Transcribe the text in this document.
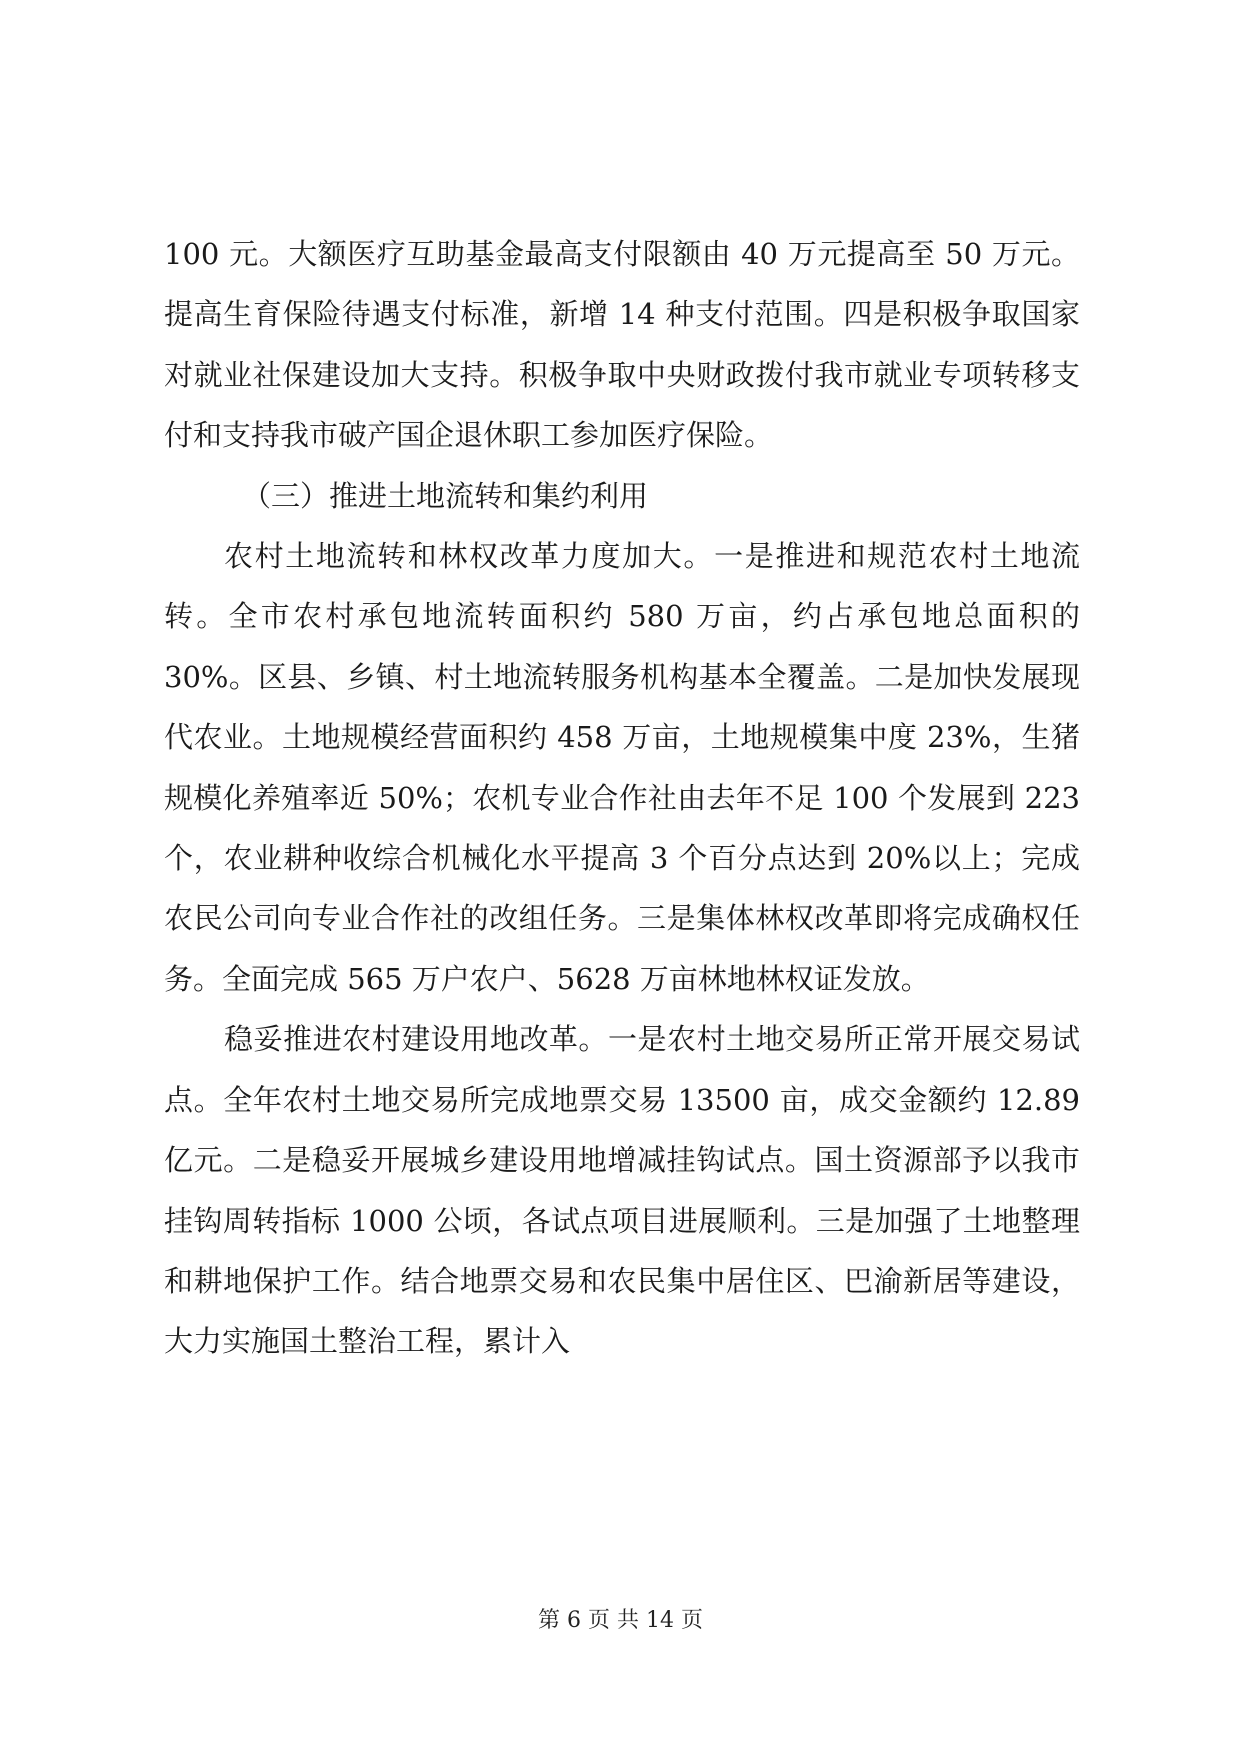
100 元。大额医疗互助基金最高支付限额由 40 万元提高至 50 万元。提高生育保险待遇支付标准，新增 14 种支付范围。四是积极争取国家对就业社保建设加大支持。积极争取中央财政拨付我市就业专项转移支付和支持我市破产国企退休职工参加医疗保险。

（三）推进土地流转和集约利用

农村土地流转和林权改革力度加大。一是推进和规范农村土地流转。全市农村承包地流转面积约 580 万亩，约占承包地总面积的 30%。区县、乡镇、村土地流转服务机构基本全覆盖。二是加快发展现代农业。土地规模经营面积约 458 万亩，土地规模集中度 23%，生猪规模化养殖率近 50%；农机专业合作社由去年不足 100 个发展到 223 个，农业耕种收综合机械化水平提高 3 个百分点达到 20%以上；完成农民公司向专业合作社的改组任务。三是集体林权改革即将完成确权任务。全面完成 565 万户农户、5628 万亩林地林权证发放。

稳妥推进农村建设用地改革。一是农村土地交易所正常开展交易试点。全年农村土地交易所完成地票交易 13500 亩，成交金额约 12.89 亿元。二是稳妥开展城乡建设用地增减挂钩试点。国土资源部予以我市挂钩周转指标 1000 公顷，各试点项目进展顺利。三是加强了土地整理和耕地保护工作。结合地票交易和农民集中居住区、巴渝新居等建设，大力实施国土整治工程，累计入

第 6 页 共 14 页
